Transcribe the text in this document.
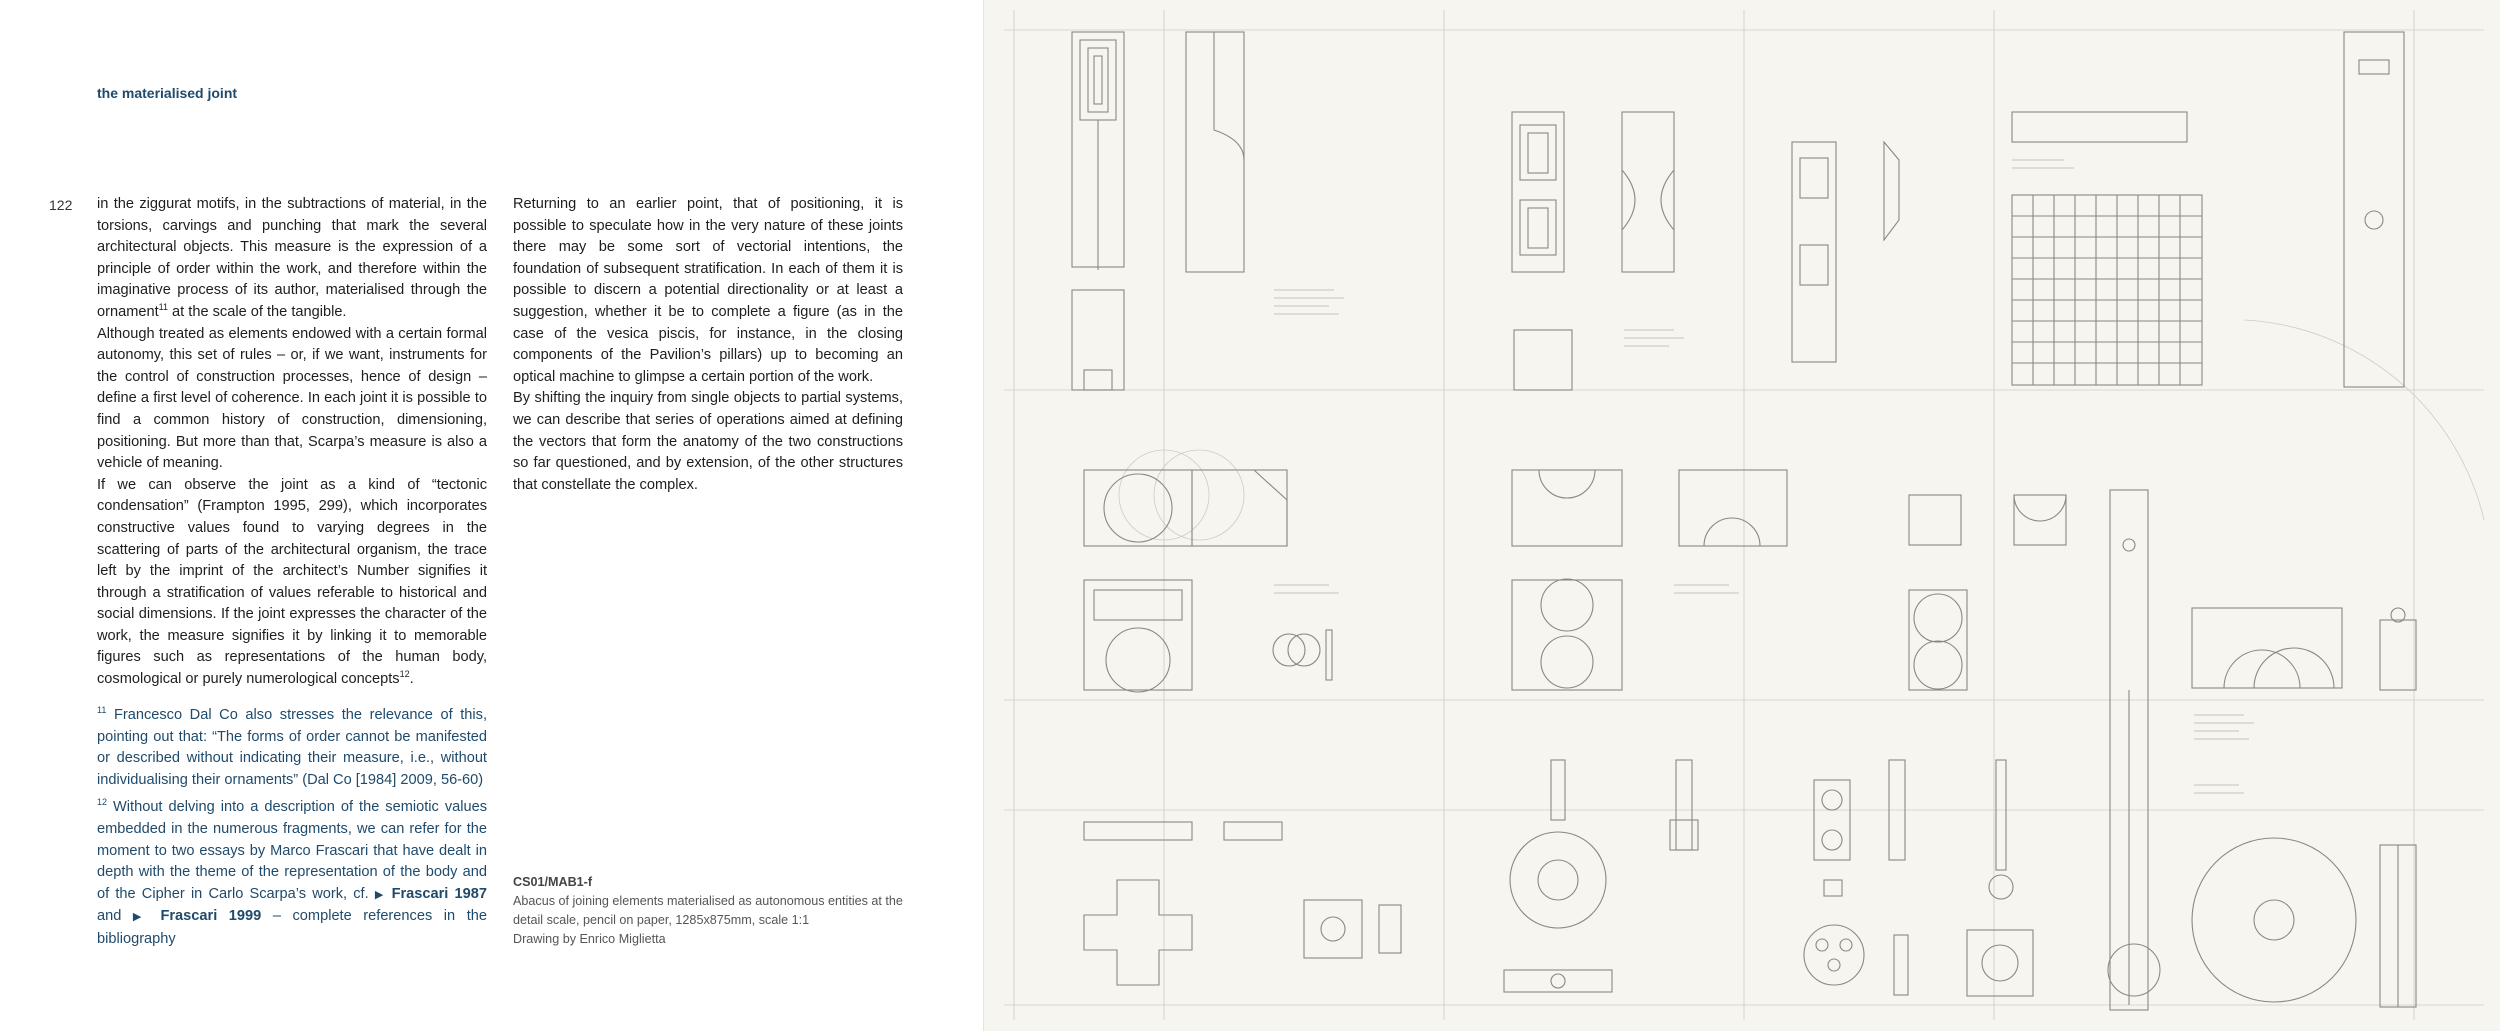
the materialised joint
122 in the ziggurat motifs, in the subtractions of material, in the torsions, carvings and punching that mark the several architectural objects. This measure is the expression of a principle of order within the work, and therefore within the imaginative process of its author, materialised through the ornament$^{11}$ at the scale of the tangible.

Although treated as elements endowed with a certain formal autonomy, this set of rules – or, if we want, instruments for the control of construction processes, hence of design – define a first level of coherence. In each joint it is possible to find a common history of construction, dimensioning, positioning. But more than that, Scarpa’s measure is also a vehicle of meaning.

If we can observe the joint as a kind of “tectonic condensation” (Frampton 1995, 299), which incorporates constructive values found to varying degrees in the scattering of parts of the architectural organism, the trace left by the imprint of the architect’s Number signifies it through a stratification of values referable to historical and social dimensions. If the joint expresses the character of the work, the measure signifies it by linking it to memorable figures such as representations of the human body, cosmological or purely numerological concepts$^{12}$.

$^{11}$ Francesco Dal Co also stresses the relevance of this, pointing out that: “The forms of order cannot be manifested or described without indicating their measure, i.e., without individualising their ornaments” (Dal Co [1984] 2009, 56-60)

$^{12}$ Without delving into a description of the semiotic values embedded in the numerous fragments, we can refer for the moment to two essays by Marco Frascari that have dealt in depth with the theme of the representation of the body and of the Cipher in Carlo Scarpa’s work, cf. ▶ Frascari 1987 and ▶ Frascari 1999 – complete references in the bibliography

Returning to an earlier point, that of positioning, it is possible to speculate how in the very nature of these joints there may be some sort of vectorial intentions, the foundation of subsequent stratification. In each of them it is possible to discern a potential directionality or at least a suggestion, whether it be to complete a figure (as in the case of the vesica piscis, for instance, in the closing components of the Pavilion’s pillars) up to becoming an optical machine to glimpse a certain portion of the work.

By shifting the inquiry from single objects to partial systems, we can describe that series of operations aimed at defining the vectors that form the anatomy of the two constructions so far questioned, and by extension, of the other structures that constellate the complex.

CS01/MAB1-f
Abacus of joining elements materialised as autonomous entities at the detail scale, pencil on paper, 1285x875mm, scale 1:1
Drawing by Enrico Miglietta
